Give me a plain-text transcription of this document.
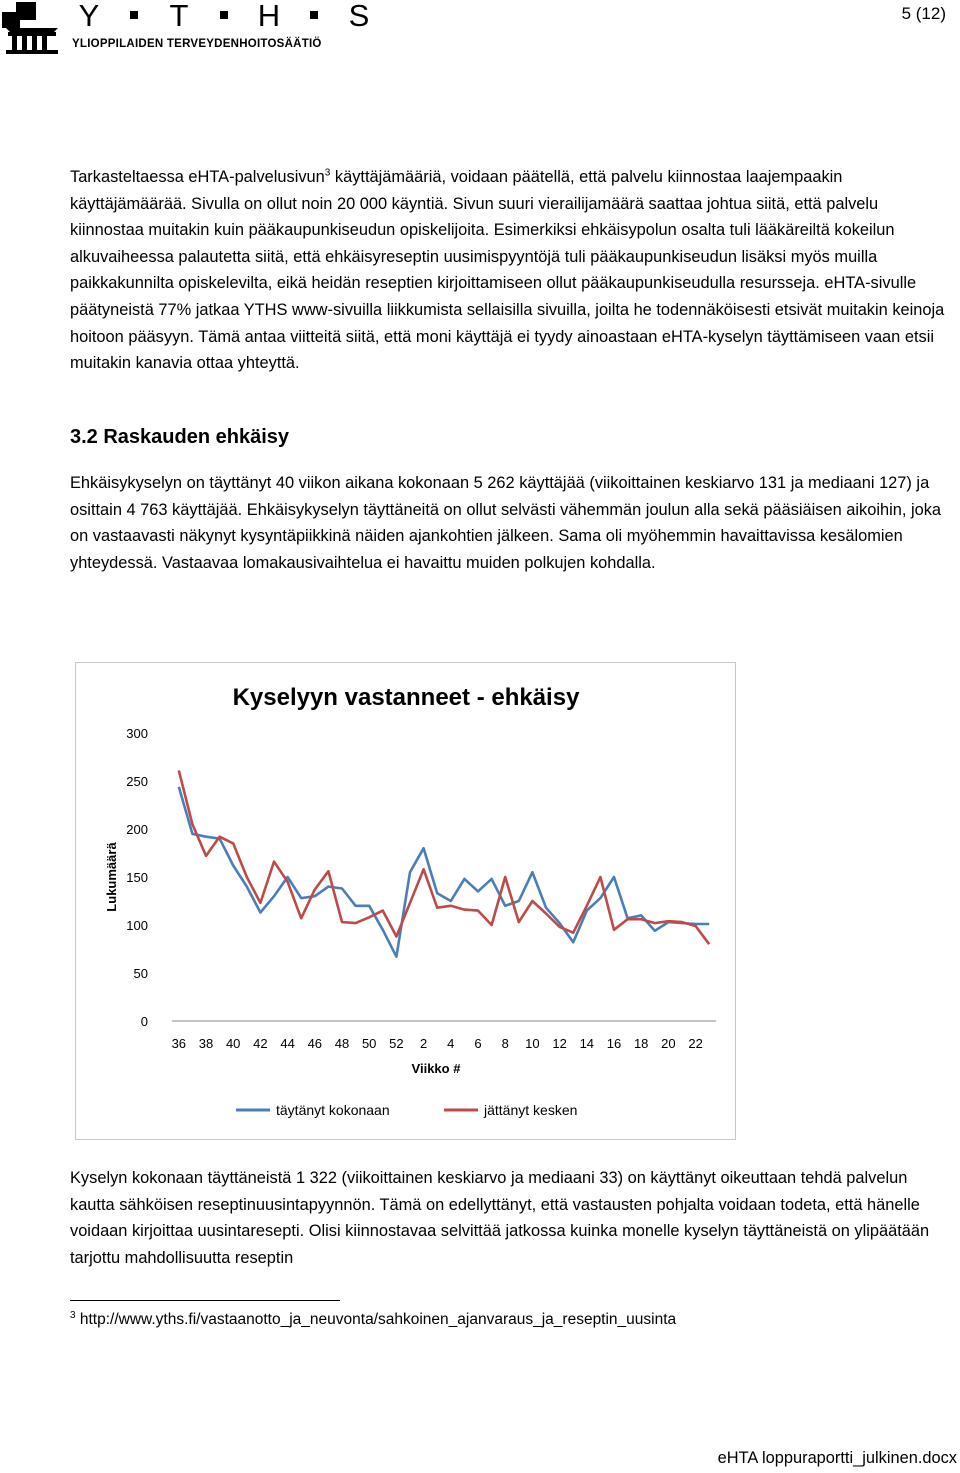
Y T H S
YLIOPPILAIDEN TERVEYDENHOITOSÄÄTIÖ
5 (12)

Tarkasteltaessa eHTA-palvelusivun$^3$ käyttäjämääriä, voidaan päätellä, että palvelu kiinnostaa laajempaakin käyttäjämäärää. Sivulla on ollut noin 20 000 käyntiä. Sivun suuri vierailijamäärä saattaa johtua siitä, että palvelu kiinnostaa muitakin kuin pääkaupunkiseudun opiskelijoita. Esimerkiksi ehkäisypolun osalta tuli lääkäreiltä kokeilun alkuvaiheessa palautetta siitä, että ehkäisyreseptin uusimispyyntöjä tuli pääkaupunkiseudun lisäksi myös muilla paikkakunnilta opiskelevilta, eikä heidän reseptien kirjoittamiseen ollut pääkaupunkiseudulla resursseja. eHTA-sivulle päätyneistä 77% jatkaa YTHS www-sivuilla liikkumista sellaisilla sivuilla, joilta he todennäköisesti etsivät muitakin keinoja hoitoon pääsyyn. Tämä antaa viitteitä siitä, että moni käyttäjä ei tyydy ainoastaan eHTA-kyselyn täyttämiseen vaan etsii muitakin kanavia ottaa yhteyttä.

3.2 Raskauden ehkäisy

Ehkäisykyselyn on täyttänyt 40 viikon aikana kokonaan 5 262 käyttäjää (viikoittainen keskiarvo 131 ja mediaani 127) ja osittain 4 763 käyttäjää. Ehkäisykyselyn täyttäneitä on ollut selvästi vähemmän joulun alla sekä pääsiäisen aikoihin, joka on vastaavasti näkynyt kysyntäpiikkinä näiden ajankohtien jälkeen. Sama oli myöhemmin havaittavissa kesälomien yhteydessä. Vastaavaa lomakausivaihtelua ei havaittu muiden polkujen kohdalla.

Kyselyyn vastanneet - ehkäisy
0
50
100
150
200
250
300
Lukumäärä
36 38 40 42 44 46 48 50 52 2 4 6 8 10 12 14 16 18 20 22
Viikko #
täytänyt kokonaan	jättänyt kesken

Kyselyn kokonaan täyttäneistä 1 322 (viikoittainen keskiarvo ja mediaani 33) on käyttänyt oikeuttaan tehdä palvelun kautta sähköisen reseptinuusintapyynnön. Tämä on edellyttänyt, että vastausten pohjalta voidaan todeta, että hänelle voidaan kirjoittaa uusintaresepti. Olisi kiinnostavaa selvittää jatkossa kuinka monelle kyselyn täyttäneistä on ylipäätään tarjottu mahdollisuutta reseptin

$^3$ http://www.yths.fi/vastaanotto_ja_neuvonta/sahkoinen_ajanvaraus_ja_reseptin_uusinta

eHTA loppuraportti_julkinen.docx
